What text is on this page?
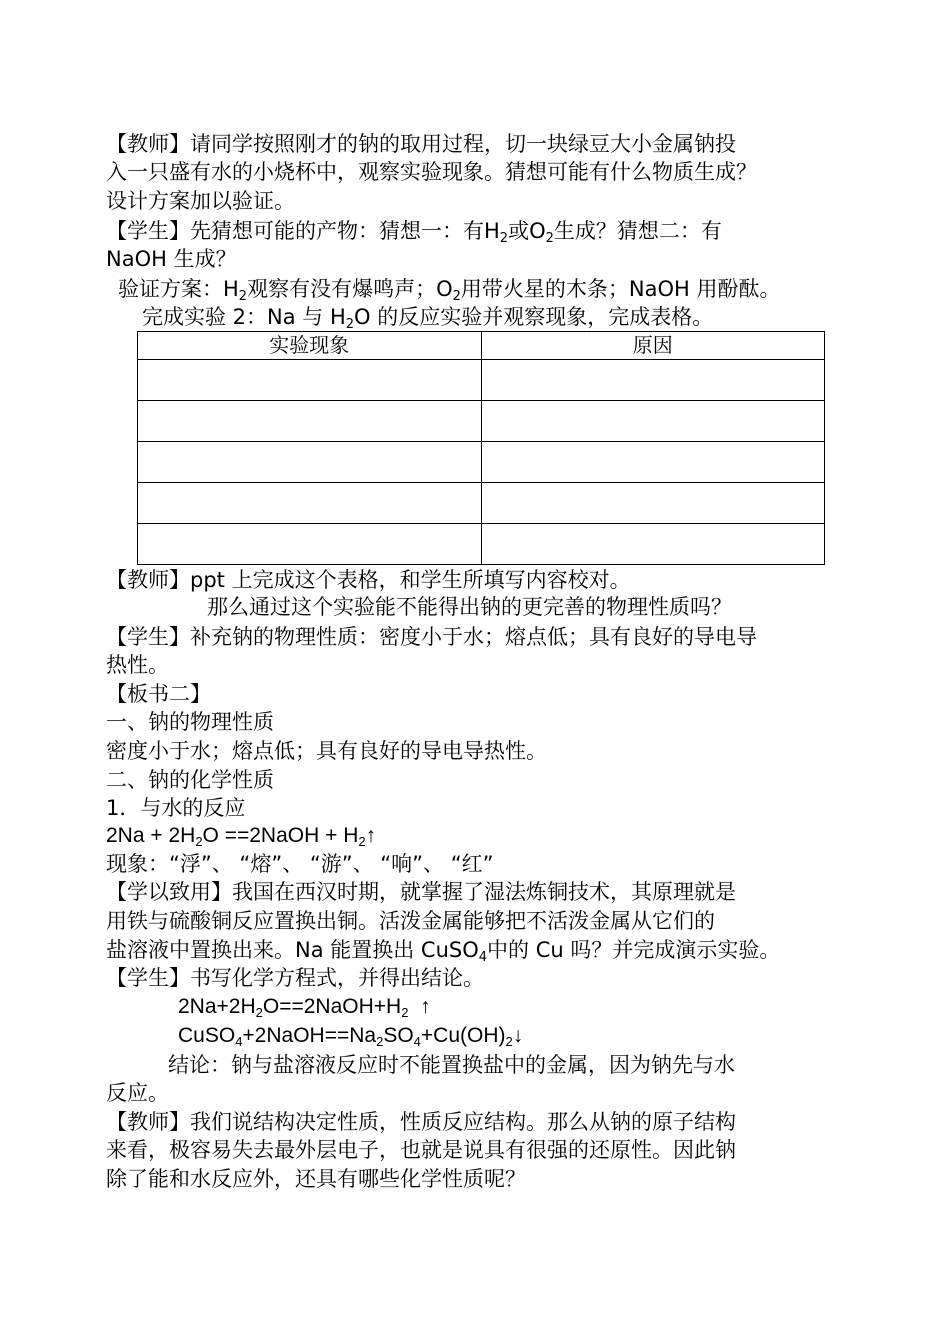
【教师】请同学按照刚才的钠的取用过程，切一块绿豆大小金属钠投
入一只盛有水的小烧杯中，观察实验现象。猜想可能有什么物质生成？
设计方案加以验证。
【学生】先猜想可能的产物：猜想一：有$H_2$或$O_2$生成？猜想二：有
NaOH 生成？
验证方案：$H_2$观察有没有爆鸣声；$O_2$用带火星的木条；NaOH 用酚酞。
完成实验 2：Na 与 $H_2O$ 的反应实验并观察现象，完成表格。
实验现象	原因

【教师】ppt 上完成这个表格，和学生所填写内容校对。
那么通过这个实验能不能得出钠的更完善的物理性质吗？
【学生】补充钠的物理性质：密度小于水；熔点低；具有良好的导电导
热性。
【板书二】
一、钠的物理性质
密度小于水；熔点低；具有良好的导电导热性。
二、钠的化学性质
1．与水的反应
$2Na + 2H_2O$ ==2NaOH + $H_2↑$
现象：“浮”、 “熔”、 “游”、 “响”、 “红”
【学以致用】我国在西汉时期，就掌握了湿法炼铜技术，其原理就是
用铁与硫酸铜反应置换出铜。活泼金属能够把不活泼金属从它们的
盐溶液中置换出来。Na 能置换出 CuSO$_4$中的 Cu 吗？并完成演示实验。
【学生】书写化学方程式，并得出结论。
$2Na+2H_2O==2NaOH+H_2$ ↑
$CuSO_4+2NaOH==Na_2SO_4+Cu(OH)_2↓$
结论：钠与盐溶液反应时不能置换盐中的金属，因为钠先与水
反应。
【教师】我们说结构决定性质，性质反应结构。那么从钠的原子结构
来看，极容易失去最外层电子，也就是说具有很强的还原性。因此钠
除了能和水反应外，还具有哪些化学性质呢？
